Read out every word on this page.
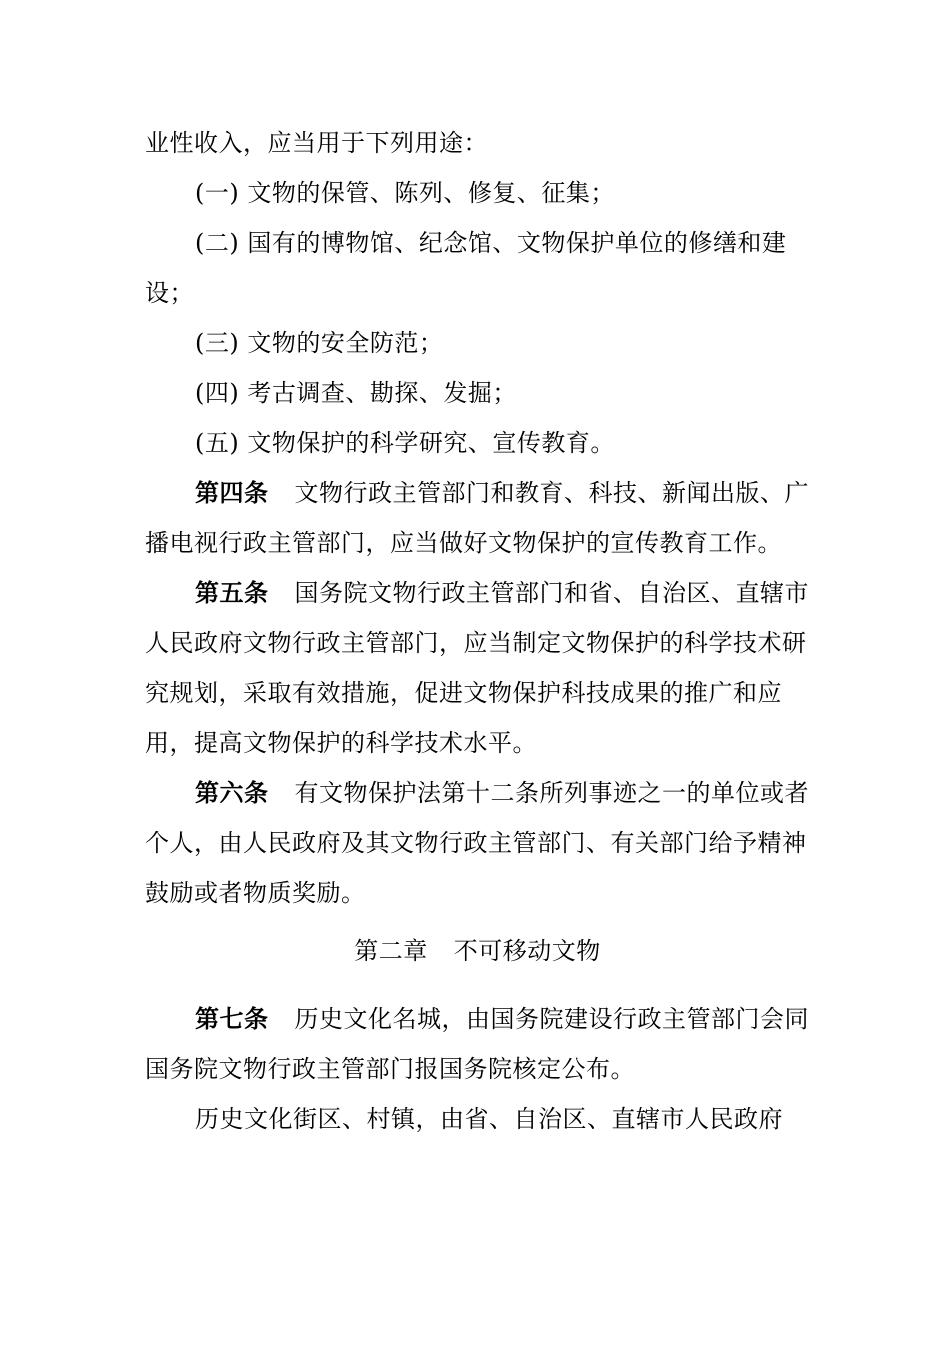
业性收入，应当用于下列用途：

(一) 文物的保管、陈列、修复、征集；

(二) 国有的博物馆、纪念馆、文物保护单位的修缮和建设；

(三) 文物的安全防范；

(四) 考古调查、勘探、发掘；

(五) 文物保护的科学研究、宣传教育。

第四条 文物行政主管部门和教育、科技、新闻出版、广播电视行政主管部门，应当做好文物保护的宣传教育工作。

第五条 国务院文物行政主管部门和省、自治区、直辖市人民政府文物行政主管部门，应当制定文物保护的科学技术研究规划，采取有效措施，促进文物保护科技成果的推广和应用，提高文物保护的科学技术水平。

第六条 有文物保护法第十二条所列事迹之一的单位或者个人，由人民政府及其文物行政主管部门、有关部门给予精神鼓励或者物质奖励。

第二章 不可移动文物

第七条 历史文化名城，由国务院建设行政主管部门会同国务院文物行政主管部门报国务院核定公布。

历史文化街区、村镇，由省、自治区、直辖市人民政府
